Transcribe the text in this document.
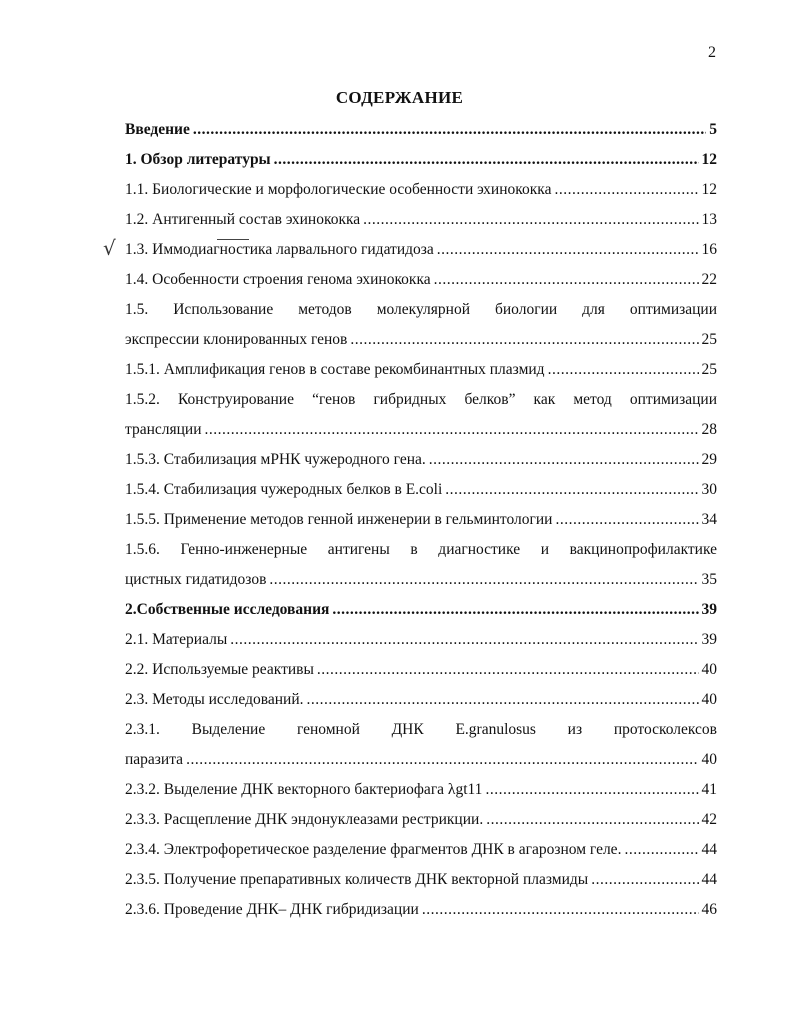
2
СОДЕРЖАНИЕ
Введение .....	5
1. Обзор литературы .....	12
1.1. Биологические и морфологические особенности эхинококка .....	12
1.2. Антигенный состав эхинококка .....	13
√ 1.3. Иммодиагностика ларвального гидатидоза .....	16
1.4. Особенности строения генома эхинококка .....	22
1.5. Использование методов молекулярной биологии для оптимизации
экспрессии клонированных генов .....	25
1.5.1. Амплификация генов в составе рекомбинантных плазмид .....	25
1.5.2. Конструирование “генов гибридных белков” как метод оптимизации
трансляции .....	28
1.5.3. Стабилизация мРНК чужеродного гена. .....	29
1.5.4. Стабилизация чужеродных белков в E.coli .....	30
1.5.5. Применение методов генной инженерии в гельминтологии .....	34
1.5.6. Генно-инженерные антигены в диагностике и вакцинопрофилактике
цистных гидатидозов .....	35
2.Собственные исследования .....	39
2.1. Материалы .....	39
2.2. Используемые реактивы .....	40
2.3. Методы исследований. .....	40
2.3.1. Выделение геномной ДНК E.granulosus из протосколексов
паразита .....	40
2.3.2. Выделение ДНК векторного бактериофага λgt11 .....	41
2.3.3. Расщепление ДНК эндонуклеазами рестрикции. .....	42
2.3.4. Электрофоретическое разделение фрагментов ДНК в агарозном геле. .....	44
2.3.5. Получение препаративных количеств ДНК векторной плазмиды .....	44
2.3.6. Проведение ДНК– ДНК гибридизации .....	46
